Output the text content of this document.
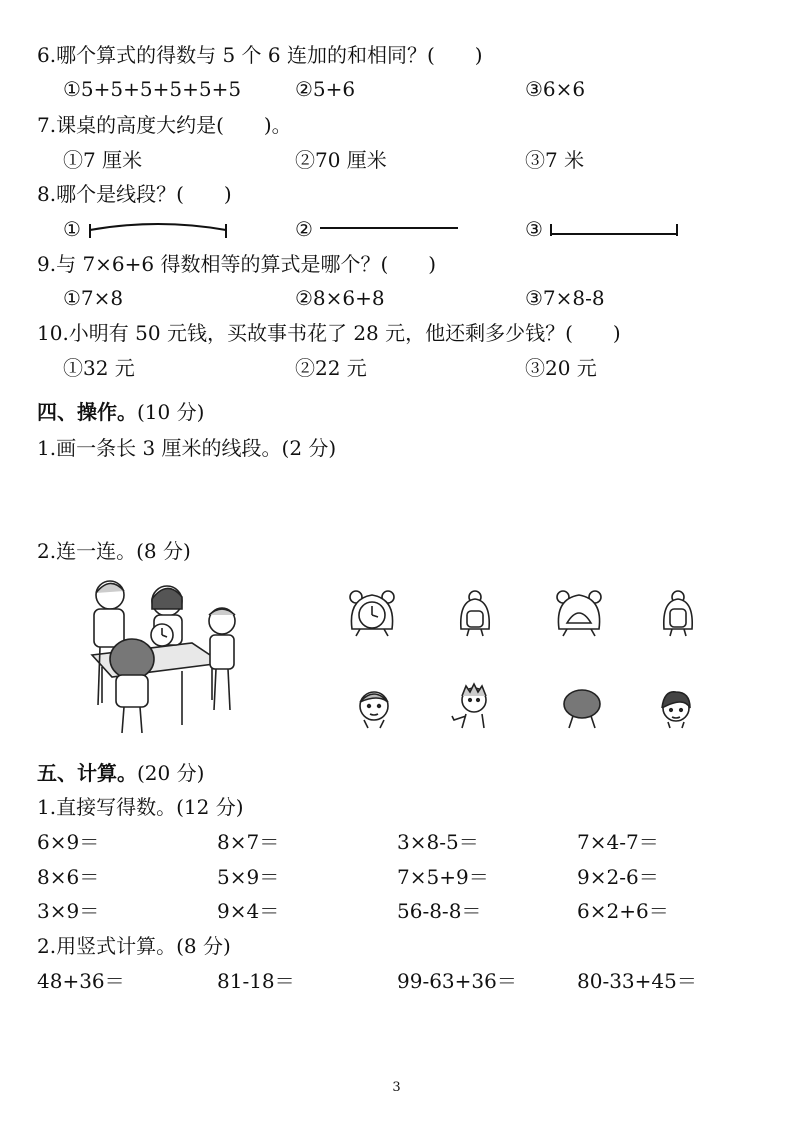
6.哪个算式的得数与 5 个 6 连加的和相同？(　　)
①5+5+5+5+5+5	②5+6	③6×6
7.课桌的高度大约是(　　)。
①7 厘米	②70 厘米	③7 米
8.哪个是线段？(　　)
①	②	③
9.与 7×6+6 得数相等的算式是哪个？(　　)
①7×8	②8×6+8	③7×8-8
10.小明有 50 元钱，买故事书花了 28 元，他还剩多少钱？(　　)
①32 元	②22 元	③20 元
四、操作。(10 分)
1.画一条长 3 厘米的线段。(2 分)
2.连一连。(8 分)
五、计算。(20 分)
1.直接写得数。(12 分)
6×9＝	8×7＝	3×8-5＝	7×4-7＝
8×6＝	5×9＝	7×5+9＝	9×2-6＝
3×9＝	9×4＝	56-8-8＝	6×2+6＝
2.用竖式计算。(8 分)
48+36＝	81-18＝	99-63+36＝	80-33+45＝
3
